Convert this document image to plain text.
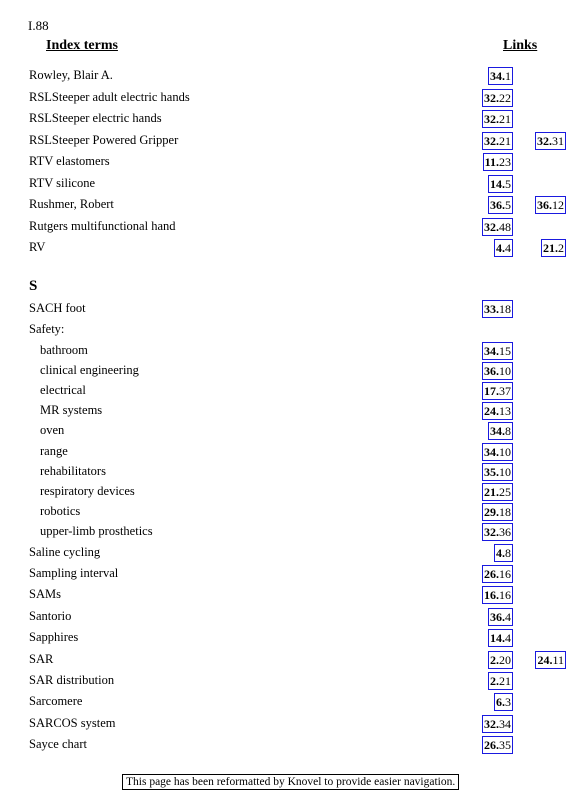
I.88
Index terms	Links
Rowley, Blair A.	34.1
RSLSteeper adult electric hands	32.22
RSLSteeper electric hands	32.21
RSLSteeper Powered Gripper	32.21 32.31
RTV elastomers	11.23
RTV silicone	14.5
Rushmer, Robert	36.5 36.12
Rutgers multifunctional hand	32.48
RV	4.4	21.2
S
SACH foot	33.18
Safety:
bathroom	34.15
clinical engineering	36.10
electrical	17.37
MR systems	24.13
oven	34.8
range	34.10
rehabilitators	35.10
respiratory devices	21.25
robotics	29.18
upper-limb prosthetics	32.36
Saline cycling	4.8
Sampling interval	26.16
SAMs	16.16
Santorio	36.4
Sapphires	14.4
SAR	2.20 24.11
SAR distribution	2.21
Sarcomere	6.3
SARCOS system	32.34
Sayce chart	26.35
This page has been reformatted by Knovel to provide easier navigation.
